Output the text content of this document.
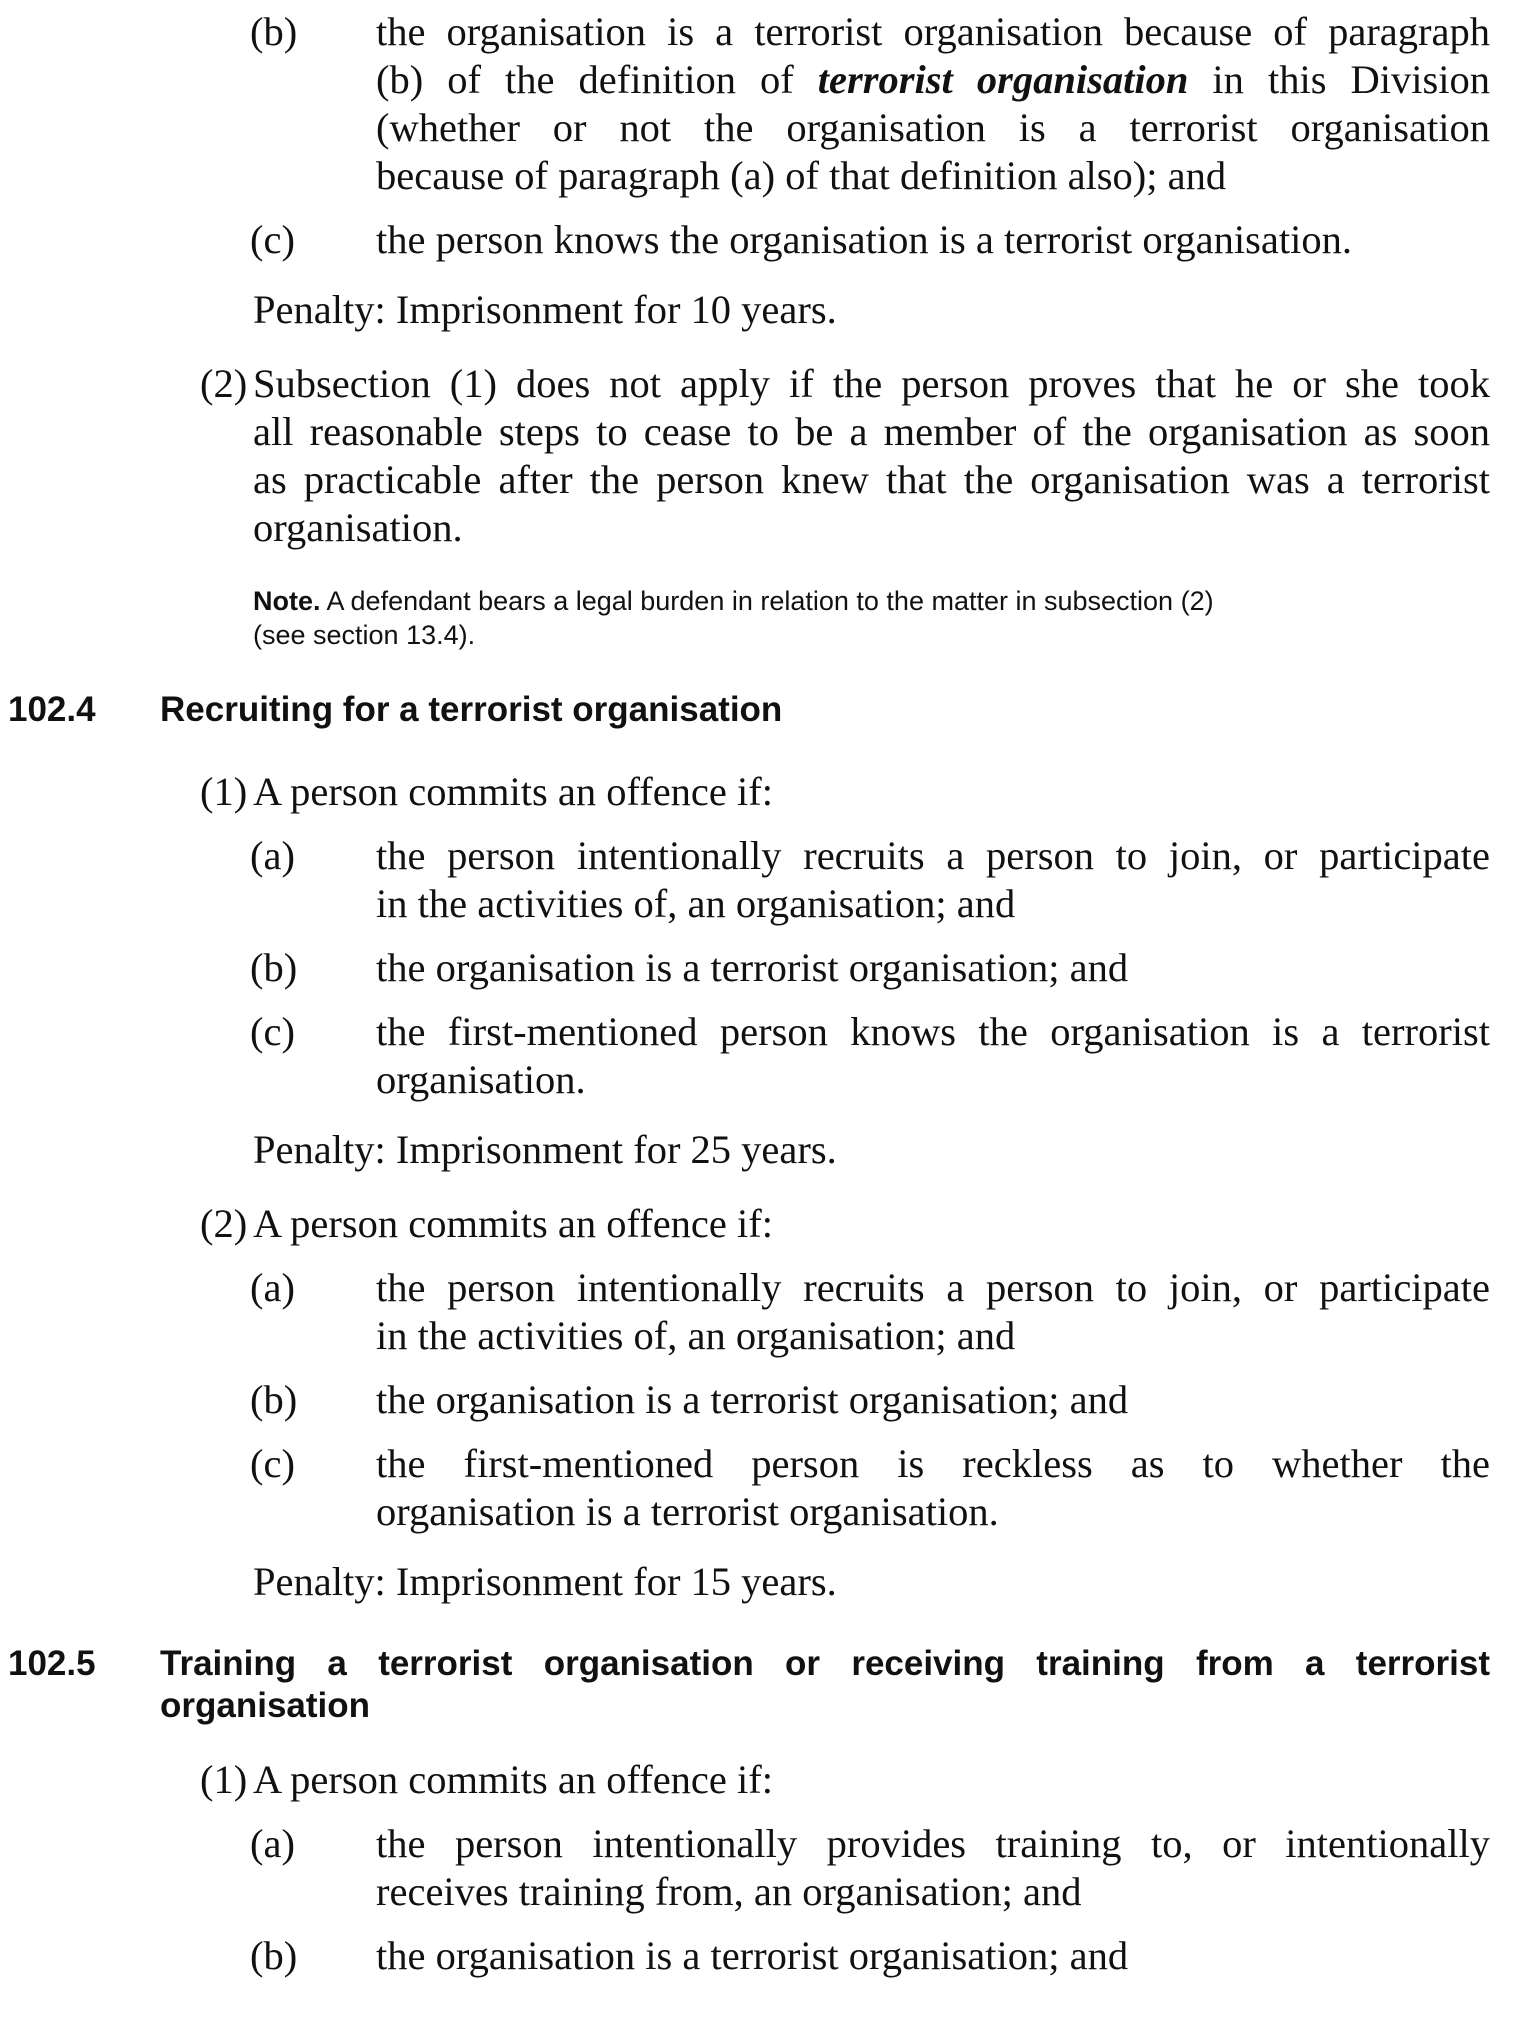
(b) the organisation is a terrorist organisation because of paragraph

(b) of the definition of terrorist organisation in this Division

(whether or not the organisation is a terrorist organisation

because of paragraph (a) of that definition also); and

(c) the person knows the organisation is a terrorist organisation.

Penalty: Imprisonment for 10 years.

(2) Subsection (1) does not apply if the person proves that he or she took

all reasonable steps to cease to be a member of the organisation as soon

as practicable after the person knew that the organisation was a terrorist

organisation.

Note. A defendant bears a legal burden in relation to the matter in subsection (2)

(see section 13.4).

102.4 Recruiting for a terrorist organisation

(1) A person commits an offence if:

(a) the person intentionally recruits a person to join, or participate

in the activities of, an organisation; and

(b) the organisation is a terrorist organisation; and

(c) the first-mentioned person knows the organisation is a terrorist

organisation.

Penalty: Imprisonment for 25 years.

(2) A person commits an offence if:

(a) the person intentionally recruits a person to join, or participate

in the activities of, an organisation; and

(b) the organisation is a terrorist organisation; and

(c) the first-mentioned person is reckless as to whether the

organisation is a terrorist organisation.

Penalty: Imprisonment for 15 years.

102.5 Training a terrorist organisation or receiving training from a terrorist

organisation

(1) A person commits an offence if:

(a) the person intentionally provides training to, or intentionally

receives training from, an organisation; and

(b) the organisation is a terrorist organisation; and
